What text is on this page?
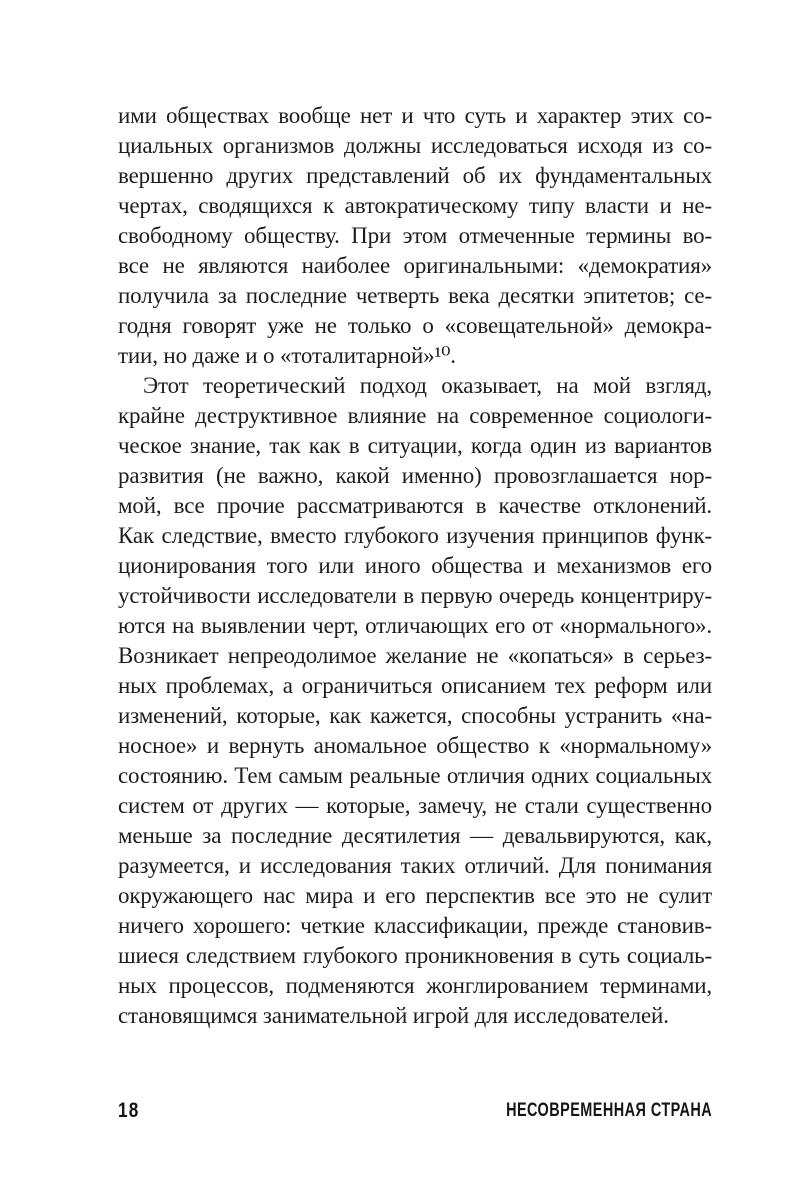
ими обществах вообще нет и что суть и характер этих со-
циальных организмов должны исследоваться исходя из со-
вершенно других представлений об их фундаментальных
чертах, сводящихся к автократическому типу власти и не-
свободному обществу. При этом отмеченные термины во-
все не являются наиболее оригинальными: «демократия»
получила за последние четверть века десятки эпитетов; се-
годня говорят уже не только о «совещательной» демокра-
тии, но даже и о «тоталитарной»¹⁰.
Этот теоретический подход оказывает, на мой взгляд,
крайне деструктивное влияние на современное социологи-
ческое знание, так как в ситуации, когда один из вариантов
развития (не важно, какой именно) провозглашается нор-
мой, все прочие рассматриваются в качестве отклонений.
Как следствие, вместо глубокого изучения принципов функ-
ционирования того или иного общества и механизмов его
устойчивости исследователи в первую очередь концентриру-
ются на выявлении черт, отличающих его от «нормального».
Возникает непреодолимое желание не «копаться» в серьез-
ных проблемах, а ограничиться описанием тех реформ или
изменений, которые, как кажется, способны устранить «на-
носное» и вернуть аномальное общество к «нормальному»
состоянию. Тем самым реальные отличия одних социальных
систем от других — которые, замечу, не стали существенно
меньше за последние десятилетия — девальвируются, как,
разумеется, и исследования таких отличий. Для понимания
окружающего нас мира и его перспектив все это не сулит
ничего хорошего: четкие классификации, прежде становив-
шиеся следствием глубокого проникновения в суть социаль-
ных процессов, подменяются жонглированием терминами,
становящимся занимательной игрой для исследователей.
18	НЕСОВРЕМЕННАЯ СТРАНА
